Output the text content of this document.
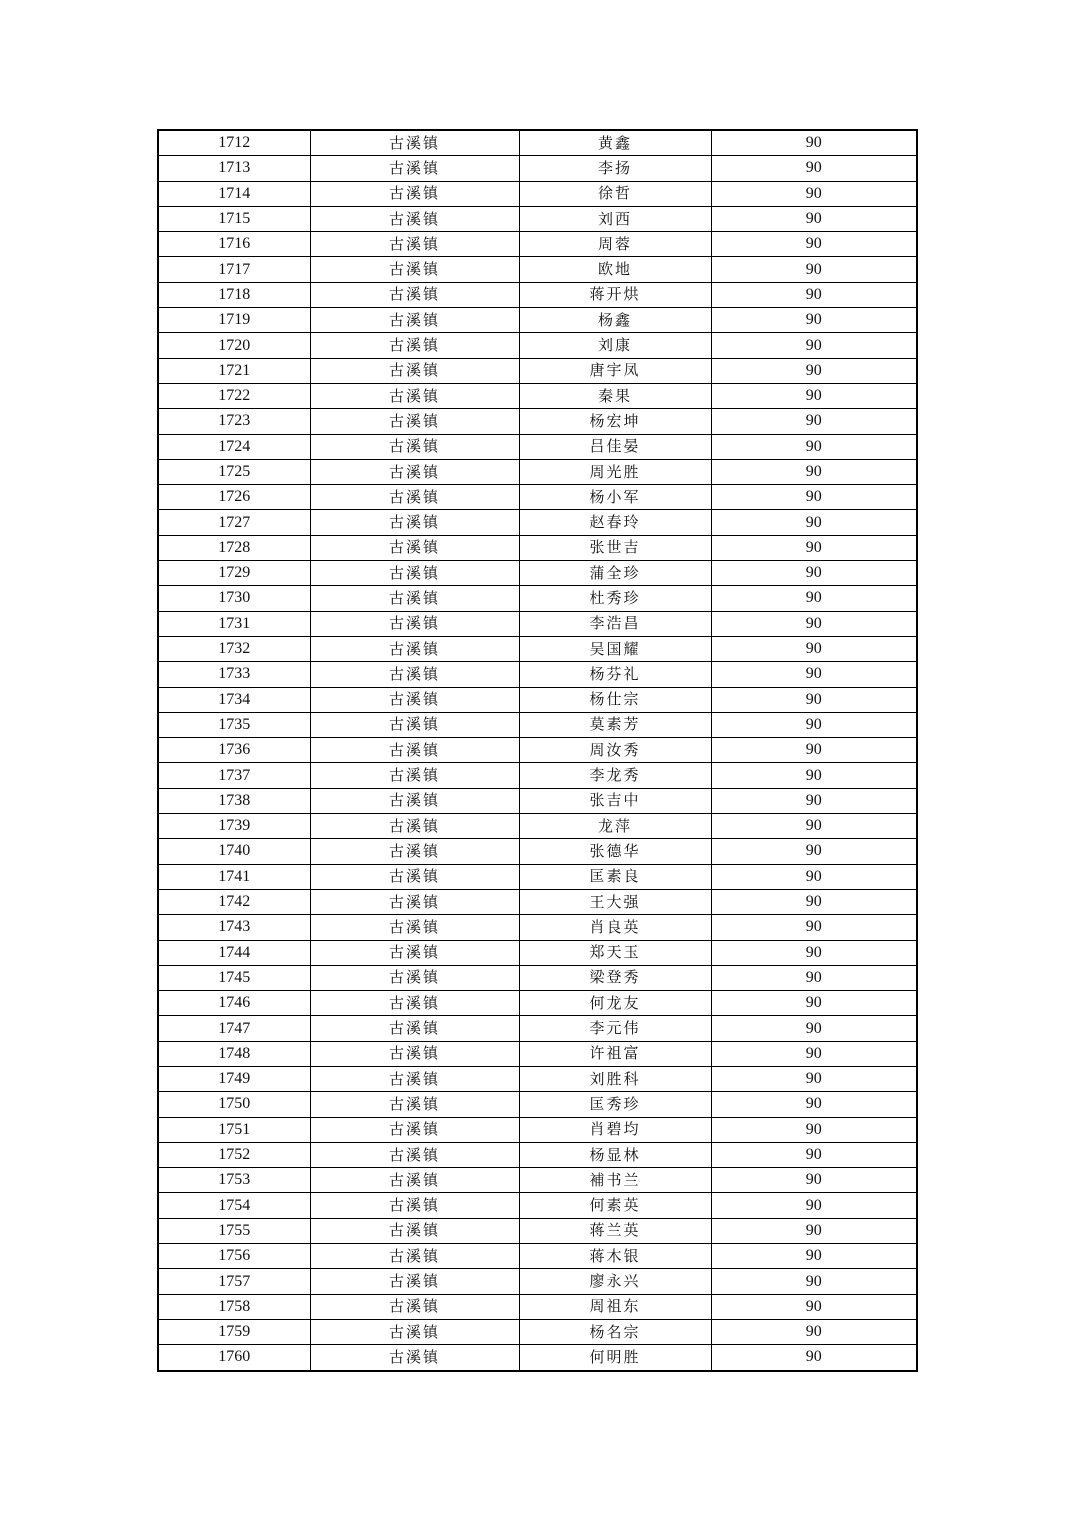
1712	古溪镇	黄鑫	90
1713	古溪镇	李扬	90
1714	古溪镇	徐哲	90
1715	古溪镇	刘西	90
1716	古溪镇	周蓉	90
1717	古溪镇	欧地	90
1718	古溪镇	蒋开烘	90
1719	古溪镇	杨鑫	90
1720	古溪镇	刘康	90
1721	古溪镇	唐宇凤	90
1722	古溪镇	秦果	90
1723	古溪镇	杨宏坤	90
1724	古溪镇	吕佳晏	90
1725	古溪镇	周光胜	90
1726	古溪镇	杨小军	90
1727	古溪镇	赵春玲	90
1728	古溪镇	张世吉	90
1729	古溪镇	蒲全珍	90
1730	古溪镇	杜秀珍	90
1731	古溪镇	李浩昌	90
1732	古溪镇	吴国耀	90
1733	古溪镇	杨芬礼	90
1734	古溪镇	杨仕宗	90
1735	古溪镇	莫素芳	90
1736	古溪镇	周汝秀	90
1737	古溪镇	李龙秀	90
1738	古溪镇	张吉中	90
1739	古溪镇	龙萍	90
1740	古溪镇	张德华	90
1741	古溪镇	匡素良	90
1742	古溪镇	王大强	90
1743	古溪镇	肖良英	90
1744	古溪镇	郑天玉	90
1745	古溪镇	梁登秀	90
1746	古溪镇	何龙友	90
1747	古溪镇	李元伟	90
1748	古溪镇	许祖富	90
1749	古溪镇	刘胜科	90
1750	古溪镇	匡秀珍	90
1751	古溪镇	肖碧均	90
1752	古溪镇	杨显林	90
1753	古溪镇	補书兰	90
1754	古溪镇	何素英	90
1755	古溪镇	蒋兰英	90
1756	古溪镇	蒋木银	90
1757	古溪镇	廖永兴	90
1758	古溪镇	周祖东	90
1759	古溪镇	杨名宗	90
1760	古溪镇	何明胜	90
